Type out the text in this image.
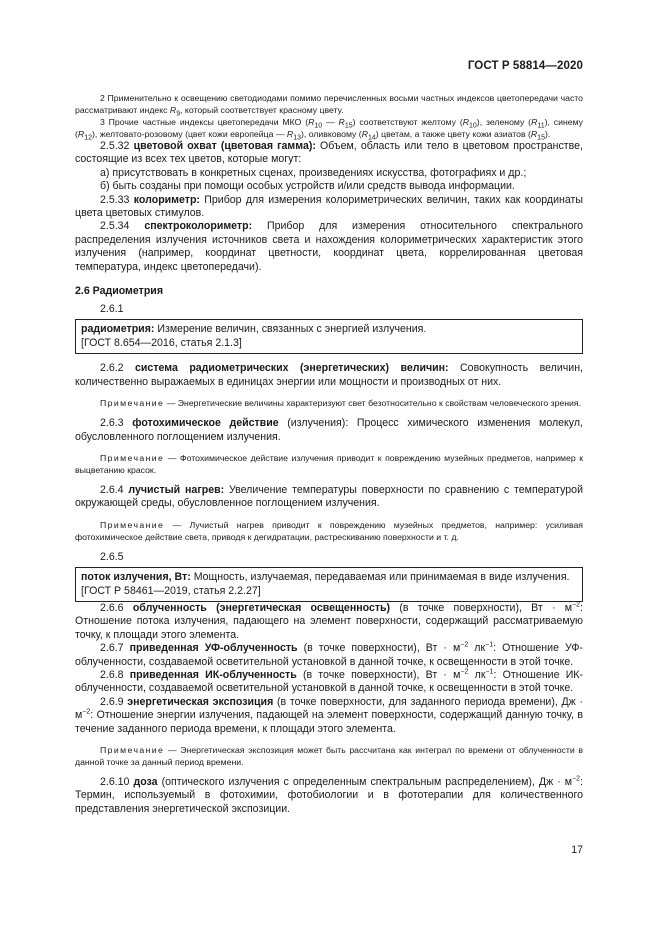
ГОСТ Р 58814—2020

2 Применительно к освещению светодиодами помимо перечисленных восьми частных индексов цветопередачи часто рассматривают индекс $R_9$, который соответствует красному цвету.

3 Прочие частные индексы цветопередачи МКО ($R_{10}$ — $R_{15}$) соответствуют желтому $(R_{10})$, зеленому $(R_{11})$, синему $(R_{12})$, желтовато-розовому (цвет кожи европейца — $R_{13}$), оливковому $(R_{14})$ цветам, а также цвету кожи азиатов $(R_{15})$.

2.5.32 цветовой охват (цветовая гамма): Объем, область или тело в цветовом пространстве, состоящие из всех тех цветов, которые могут:

а) присутствовать в конкретных сценах, произведениях искусства, фотографиях и др.;

б) быть созданы при помощи особых устройств и/или средств вывода информации.

2.5.33 колориметр: Прибор для измерения колориметрических величин, таких как координаты цвета цветовых стимулов.

2.5.34 спектроколориметр: Прибор для измерения относительного спектрального распределения излучения источников света и нахождения колориметрических характеристик этого излучения (например, координат цветности, координат цвета, коррелированная цветовая температура, индекс цветопередачи).

2.6 Радиометрия

2.6.1
радиометрия: Измерение величин, связанных с энергией излучения.
[ГОСТ 8.654—2016, статья 2.1.3]

2.6.2 система радиометрических (энергетических) величин: Совокупность величин, количественно выражаемых в единицах энергии или мощности и производных от них.

Примечание — Энергетические величины характеризуют свет безотносительно к свойствам человеческого зрения.

2.6.3 фотохимическое действие (излучения): Процесс химического изменения молекул, обусловленного поглощением излучения.

Примечание — Фотохимическое действие излучения приводит к повреждению музейных предметов, например к выцветанию красок.

2.6.4 лучистый нагрев: Увеличение температуры поверхности по сравнению с температурой окружающей среды, обусловленное поглощением излучения.

Примечание — Лучистый нагрев приводит к повреждению музейных предметов, например: усиливая фотохимическое действие света, приводя к дегидратации, растрескиванию поверхности и т. д.

2.6.5
поток излучения, Вт: Мощность, излучаемая, передаваемая или принимаемая в виде излучения.
[ГОСТ Р 58461—2019, статья 2.2.27]

2.6.6 облученность (энергетическая освещенность) (в точке поверхности), Вт · $м^{-2}$: Отношение потока излучения, падающего на элемент поверхности, содержащий рассматриваемую точку, к площади этого элемента.

2.6.7 приведенная УФ-облученность (в точке поверхности), Вт · $м^{-2}$ $лк^{-1}$: Отношение УФ-облученности, создаваемой осветительной установкой в данной точке, к освещенности в этой точке.

2.6.8 приведенная ИК-облученность (в точке поверхности), Вт · $м^{-2}$ $лк^{-1}$: Отношение ИК-облученности, создаваемой осветительной установкой в данной точке, к освещенности в этой точке.

2.6.9 энергетическая экспозиция (в точке поверхности, для заданного периода времени), Дж · $м^{-2}$: Отношение энергии излучения, падающей на элемент поверхности, содержащий данную точку, в течение заданного периода времени, к площади этого элемента.

Примечание — Энергетическая экспозиция может быть рассчитана как интеграл по времени от облученности в данной точке за данный период времени.

2.6.10 доза (оптического излучения с определенным спектральным распределением), Дж · $м^{-2}$: Термин, используемый в фотохимии, фотобиологии и в фототерапии для количественного представления энергетической экспозиции.

17
